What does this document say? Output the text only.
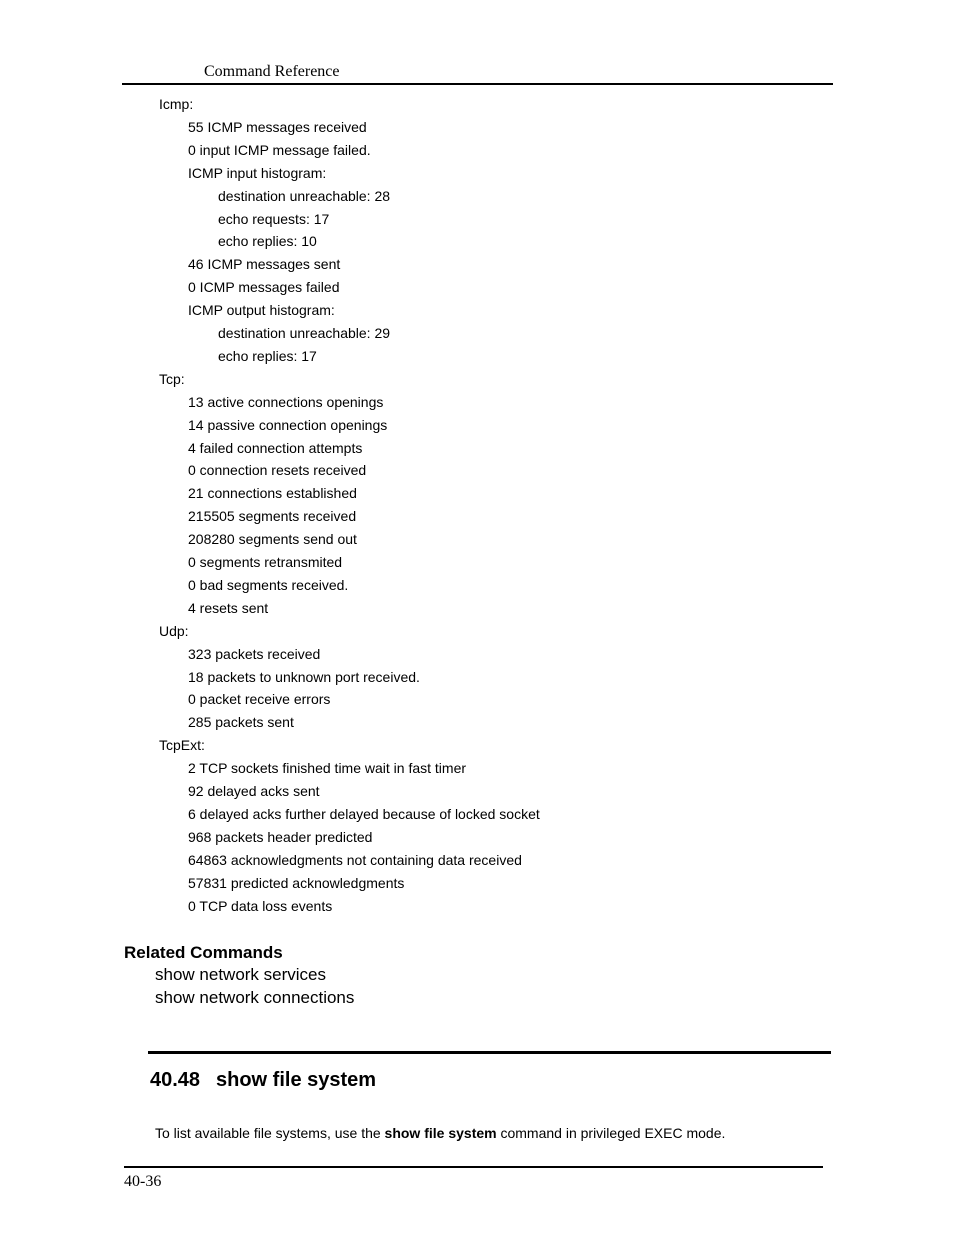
Command Reference
Icmp:
55 ICMP messages received
0 input ICMP message failed.
ICMP input histogram:
destination unreachable: 28
echo requests: 17
echo replies: 10
46 ICMP messages sent
0 ICMP messages failed
ICMP output histogram:
destination unreachable: 29
echo replies: 17
Tcp:
13 active connections openings
14 passive connection openings
4 failed connection attempts
0 connection resets received
21 connections established
215505 segments received
208280 segments send out
0 segments retransmited
0 bad segments received.
4 resets sent
Udp:
323 packets received
18 packets to unknown port received.
0 packet receive errors
285 packets sent
TcpExt:
2 TCP sockets finished time wait in fast timer
92 delayed acks sent
6 delayed acks further delayed because of locked socket
968 packets header predicted
64863 acknowledgments not containing data received
57831 predicted acknowledgments
0 TCP data loss events
Related Commands
show network services
show network connections
40.48 show file system
To list available file systems, use the show file system command in privileged EXEC mode.
40-36
